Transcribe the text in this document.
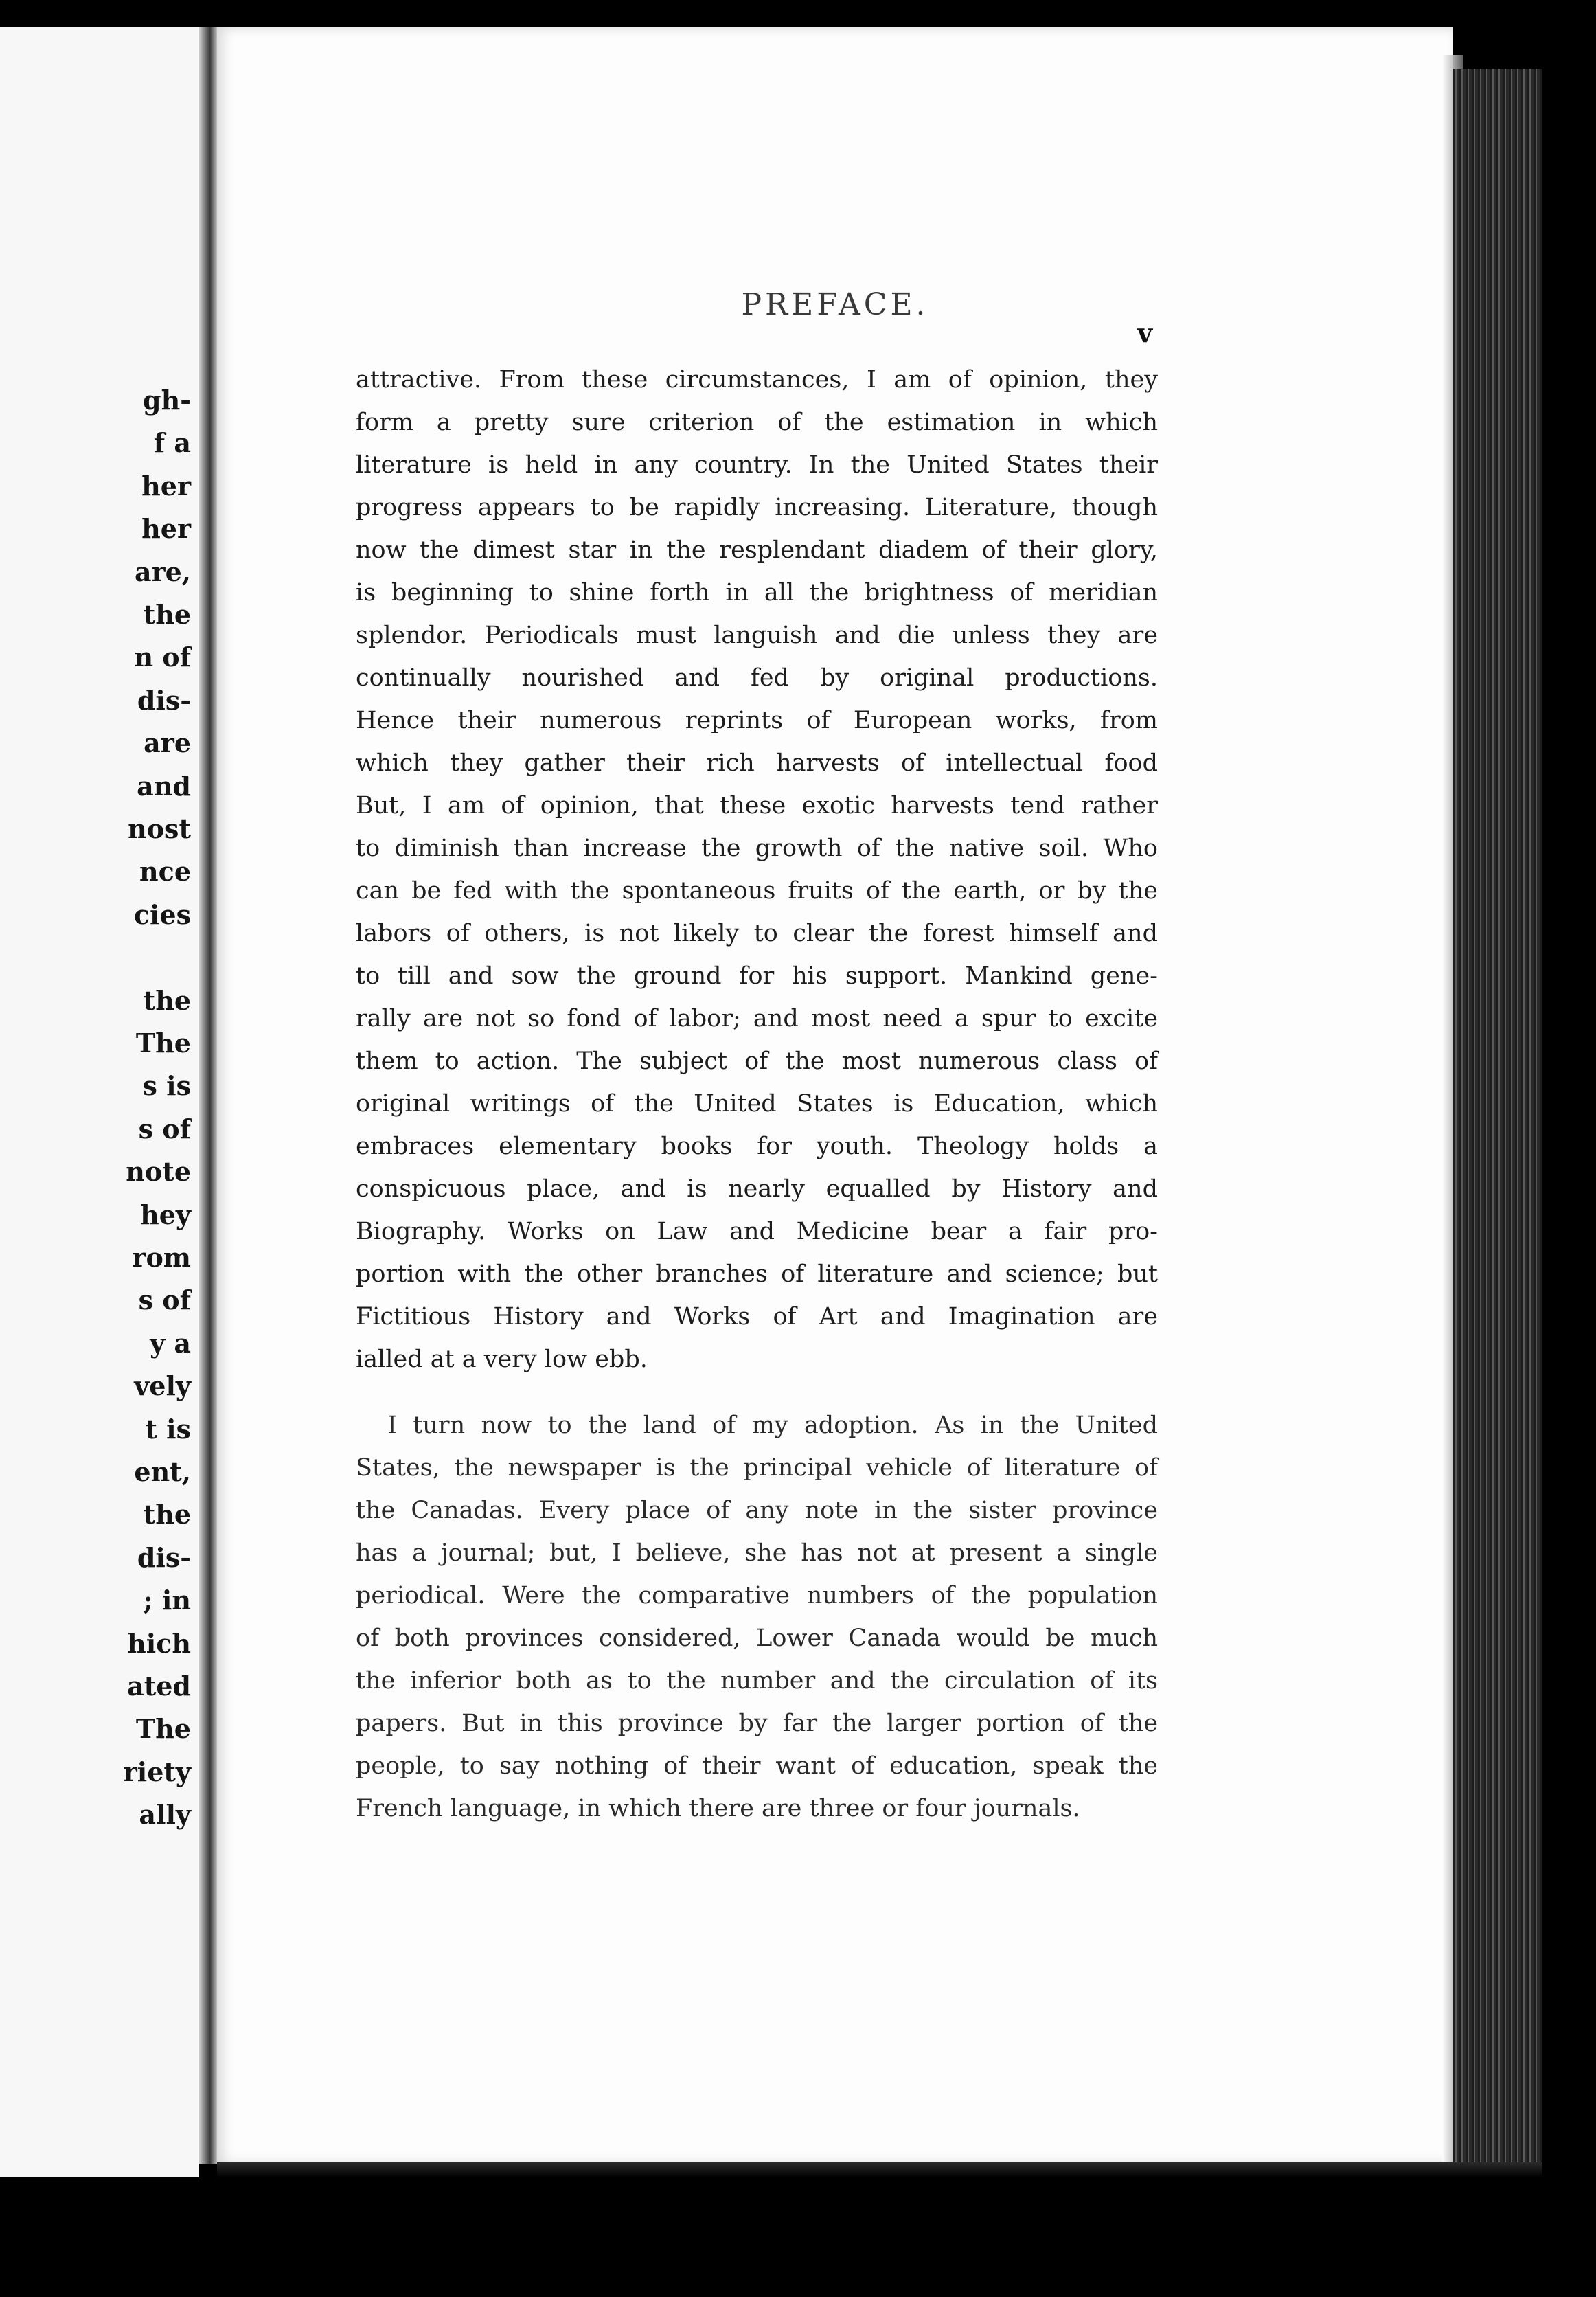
gh-
f a
her
her
are,
the
n of
dis-
are
and
nost
nce
cies
the
The
s is
s of
note
hey
rom
s of
y a
vely
t is
ent,
the
dis-
; in
hich
ated
The
riety
ally
PREFACE.
v
attractive. From these circumstances, I am of opinion, they
form a pretty sure criterion of the estimation in which
literature is held in any country. In the United States their
progress appears to be rapidly increasing. Literature, though
now the dimest star in the resplendant diadem of their glory,
is beginning to shine forth in all the brightness of meridian
splendor. Periodicals must languish and die unless they are
continually nourished and fed by original productions.
Hence their numerous reprints of European works, from
which they gather their rich harvests of intellectual food
But, I am of opinion, that these exotic harvests tend rather
to diminish than increase the growth of the native soil. Who
can be fed with the spontaneous fruits of the earth, or by the
labors of others, is not likely to clear the forest himself and
to till and sow the ground for his support. Mankind gene-
rally are not so fond of labor; and most need a spur to excite
them to action. The subject of the most numerous class of
original writings of the United States is Education, which
embraces elementary books for youth. Theology holds a
conspicuous place, and is nearly equalled by History and
Biography. Works on Law and Medicine bear a fair pro-
portion with the other branches of literature and science; but
Fictitious History and Works of Art and Imagination are
ialled at a very low ebb.
I turn now to the land of my adoption. As in the United
States, the newspaper is the principal vehicle of literature of
the Canadas. Every place of any note in the sister province
has a journal; but, I believe, she has not at present a single
periodical. Were the comparative numbers of the population
of both provinces considered, Lower Canada would be much
the inferior both as to the number and the circulation of its
papers. But in this province by far the larger portion of the
people, to say nothing of their want of education, speak the
French language, in which there are three or four journals.
